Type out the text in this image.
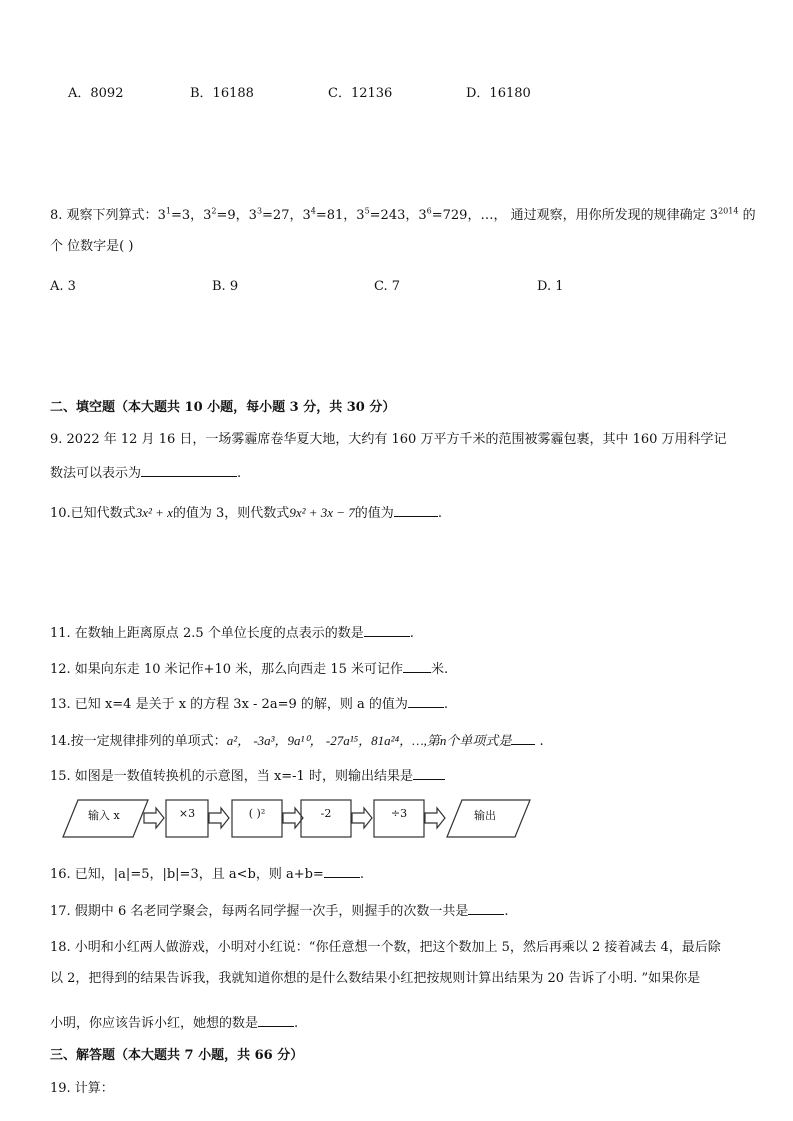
A．8092	B．16188	C．12136	D．16180
8. 观察下列算式：$3^1=3$，$3^2=9$，$3^3=27$，$3^4=81$，$3^5=243$，$3^6=729$，…， 通过观察，用你所发现的规律确定 $3^{2014}$ 的
个 位数字是( )
A. 3	B. 9	C. 7	D. 1
二、填空题（本大题共 10 小题，每小题 3 分，共 30 分）
9. 2022 年 12 月 16 日，一场雾霾席卷华夏大地，大约有 160 万平方千米的范围被雾霾包裹，其中 160 万用科学记
数法可以表示为	.
10.已知代数式3x² + x的值为 3，则代数式9x² + 3x − 7的值为	.
11. 在数轴上距离原点 2.5 个单位长度的点表示的数是	.
12. 如果向东走 10 米记作+10 米，那么向西走 15 米可记作 米.
13. 已知 x=4 是关于 x 的方程 3x - 2a=9 的解，则 a 的值为	.
14.按一定规律排列的单项式：a²， -3a³，9a¹⁰， -27a¹⁵，81a²⁴，…,第n个单项式是 .
15. 如图是一数值转换机的示意图，当 x=-1 时，则输出结果是
输入 x	×3	( )²	-2	÷3	输出
16. 已知，|a|=5，|b|=3，且 a<b，则 a+b=	.
17. 假期中 6 名老同学聚会，每两名同学握一次手，则握手的次数一共是	.
18. 小明和小红两人做游戏，小明对小红说：“你任意想一个数，把这个数加上 5，然后再乘以 2 接着减去 4，最后除
以 2，把得到的结果告诉我，我就知道你想的是什么数结果小红把按规则计算出结果为 20 告诉了小明. ”如果你是
小明，你应该告诉小红，她想的数是	.
三、解答题（本大题共 7 小题，共 66 分）
19. 计算：
